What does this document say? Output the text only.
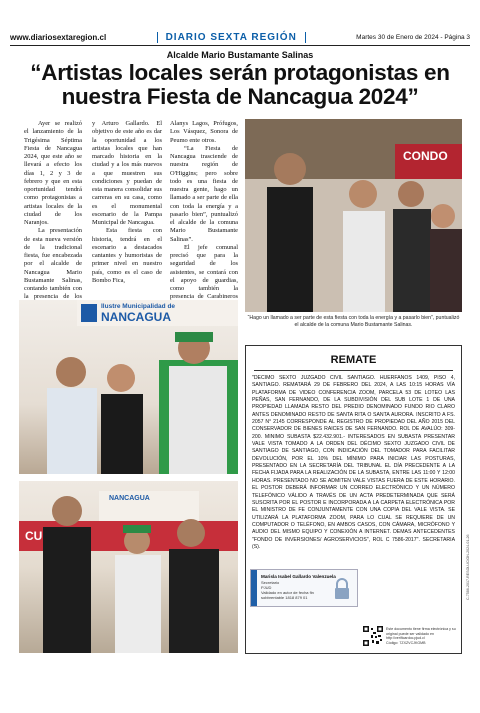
www.diariosextaregion.cl	DIARIO SEXTA REGIÓN	Martes 30 de Enero de 2024 - Página 3
Alcalde Mario Bustamante Salinas
“Artistas locales serán protagonistas en nuestra Fiesta de Nancagua 2024”

Ayer se realizó el lanzamiento de la Trigésima Séptima Fiesta de Nancagua 2024, que este año se llevará a efecto los días 1, 2 y 3 de febrero y que en esta oportunidad tendrá como protagonistas a artistas locales de la ciudad de los Naranjos.

La presentación de esta nueva versión de la tradicional fiesta, fue encabezada por el alcalde de Nancagua Mario Bustamante Salinas, contando también con la presencia de los

y Arturo Gallardo. El objetivo de este año es dar la oportunidad a los artistas locales que han marcado historia en la ciudad y a los más nuevos a que muestren sus condiciones y puedan de esta manera consolidar sus carreras en su casa, como es el monumental escenario de la Pampa Municipal de Nancagua.

Esta fiesta con historia, tendrá en el escenario a destacados cantantes y humoristas de primer nivel en nuestro país, como es el caso de Bombo Fica,

Alanys Lagos, Prófugos, Los Vásquez, Sonora de Peumo ente otros.

“La Fiesta de Nancagua trasciende de nuestra región de O'Higgins; pero sobre todo es una fiesta de nuestra gente, hago un llamado a ser parte de ella con toda la energía y a pasarlo bien”, puntualizó el alcalde de la comuna Mario Bustamante Salinas”.

El jefe comunal precisó que para la seguridad de los asistentes, se contará con el apoyo de guardias, como también la presencia de Carabineros

CONDO
“Hago un llamado a ser parte de esta fiesta con toda la energía y a pasarlo bien”, puntualizó el alcalde de la comuna Mario Bustamante Salinas.
Ilustre Municipalidad de
NANCAGUA
NANCAGUA
CU
REMATE
"DECIMO SEXTO JUZGADO CIVIL SANTIAGO. HUERFANOS 1409, PISO 4, SANTIAGO. REMATARÁ 29 DE FEBRERO DEL 2024, A LAS 10:15 HORAS VÍA PLATAFORMA DE VIDEO CONFERENCIA ZOOM, PARCELA 53 DE LOTEO LAS PEÑAS, SAN FERNANDO, DE LA SUBDIVISIÓN DEL SUB LOTE 1 DE UNA PROPIEDAD LLAMADA RESTO DEL PREDIO DENOMINADO FUNDO RIO CLARO ANTES DENOMINADO RESTO DE SANTA RITA O SANTA AURORA. INSCRITO A FS. 2057 N° 2145 CORRESPONDE AL REGISTRO DE PROPIEDAD DEL AÑO 2015 DEL CONSERVADOR DE BIENES RAICES DE SAN FERNANDO. ROL DE AVALÚO: 309-200. MINIMO SUBASTA $22.432.901.- INTERESADOS EN SUBASTA PRESENTAR VALE VISTA TOMADO A LA ORDEN DEL DÉCIMO SEXTO JUZGADO CIVIL DE SANTIAGO DE SANTIAGO, CON INDICACIÓN DEL TOMADOR PARA FACILITAR DEVOLUCIÓN, POR EL 10% DEL MÍNIMO PARA INICIAR LAS POSTURAS, PRESENTADO EN LA SECRETARÍA DEL TRIBUNAL EL DÍA PRECEDENTE A LA FECHA FIJADA PARA LA REALIZACIÓN DE LA SUBASTA, ENTRE LAS 11:00 Y 12:00 HORAS. PRESENTADO NO SE ADMITEN VALE VISTAS FUERA DE ESTE HORARIO. EL POSTOR DEBERÁ INFORMAR UN CORREO ELECTRÓNICO Y UN NÚMERO TELEFÓNICO VÁLIDO A TRAVÉS DE UN ACTA PREDETERMINADA QUE SERÁ SUSCRITA POR EL POSTOR E INCORPORADA A LA CARPETA ELECTRÓNICA POR EL MINISTRO DE FE CONJUNTAMENTE CON UNA COPIA DEL VALE VISTA. SE UTILIZARÁ LA PLATAFORMA ZOOM, PARA LO CUAL SE REQUIERE DE UN COMPUTADOR O TELÉFONO, EN AMBOS CASOS, CON CÁMARA, MICRÓFONO Y AUDIO DEL MISMO EQUIPO Y CONEXIÓN A INTERNET. DEMAS ANTECEDENTES "FONDO DE INVERSIONES/ AGROSERVICIOS", ROL C 7586-2017". SECRETARIA (S).
Marisla Isabel Gallardo Valenzuela
Secretario
PJUD
Validado en autor de fecha fin sobbrentable 1818 879 01
Este documento tiene firma electrónica y su original puede ser validado en http://verificardoc.pjud.cl
Código: 7ZXZVCJKGMB
C-7586-2017-RESOLUCION-2024-01-26
